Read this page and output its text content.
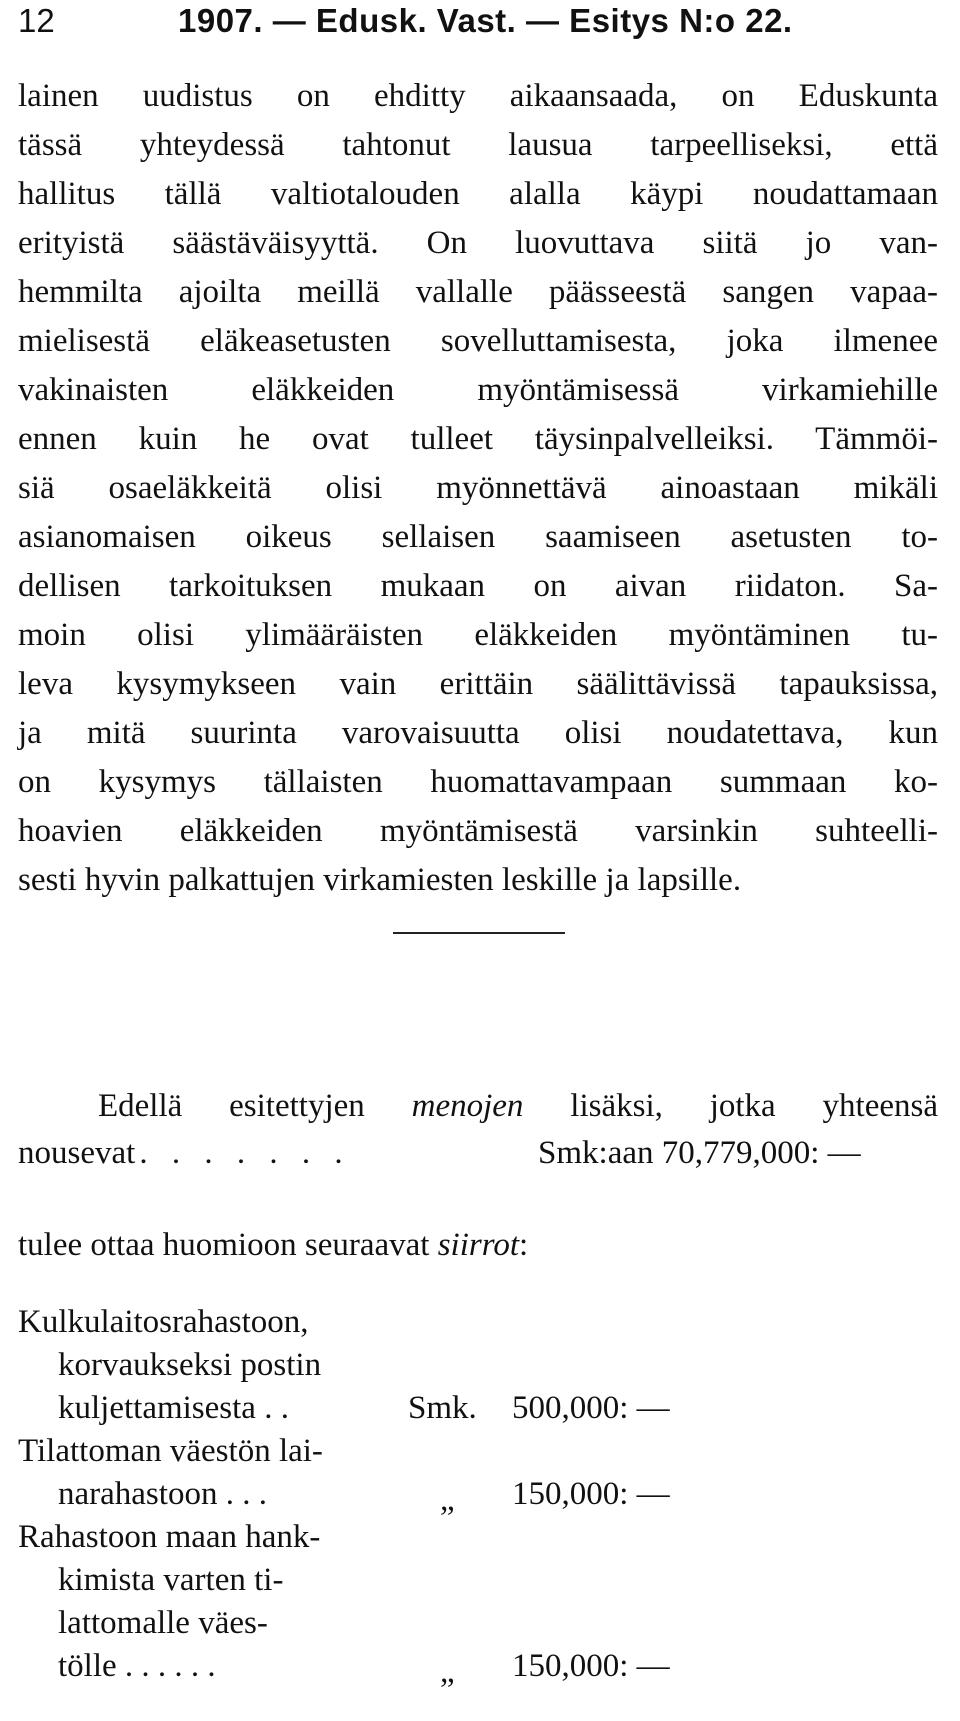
12	1907. — Edusk. Vast. — Esitys N:o 22.
lainen uudistus on ehditty aikaansaada, on Eduskunta
tässä yhteydessä tahtonut lausua tarpeelliseksi, että
hallitus tällä valtiotalouden alalla käypi noudattamaan
erityistä säästäväisyyttä. On luovuttava siitä jo van-
hemmilta ajoilta meillä vallalle päässeestä sangen vapaa-
mielisestä eläkeasetusten sovelluttamisesta, joka ilmenee
vakinaisten eläkkeiden myöntämisessä virkamiehille
ennen kuin he ovat tulleet täysinpalvelleiksi. Tämmöi-
siä osaeläkkeitä olisi myönnettävä ainoastaan mikäli
asianomaisen oikeus sellaisen saamiseen asetusten to-
dellisen tarkoituksen mukaan on aivan riidaton. Sa-
moin olisi ylimääräisten eläkkeiden myöntäminen tu-
leva kysymykseen vain erittäin säälittävissä tapauksissa,
ja mitä suurinta varovaisuutta olisi noudatettava, kun
on kysymys tällaisten huomattavampaan summaan ko-
hoavien eläkkeiden myöntämisestä varsinkin suhteelli-
sesti hyvin palkattujen virkamiesten leskille ja lapsille.
Edellä esitettyjen menojen lisäksi, jotka yhteensä
nousevat . . . . . . .	Smk:aan 70,779,000: —
tulee ottaa huomioon seuraavat siirrot:
Kulkulaitosrahastoon,
korvaukseksi postin
kuljettamisesta . .	Smk. 500,000: —
Tilattoman väestön lai-
narahastoon . . .	„ 150,000: —
Rahastoon maan hank-
kimista varten ti-
lattomalle väes-
tölle . . . . . .	„ 150,000: —
